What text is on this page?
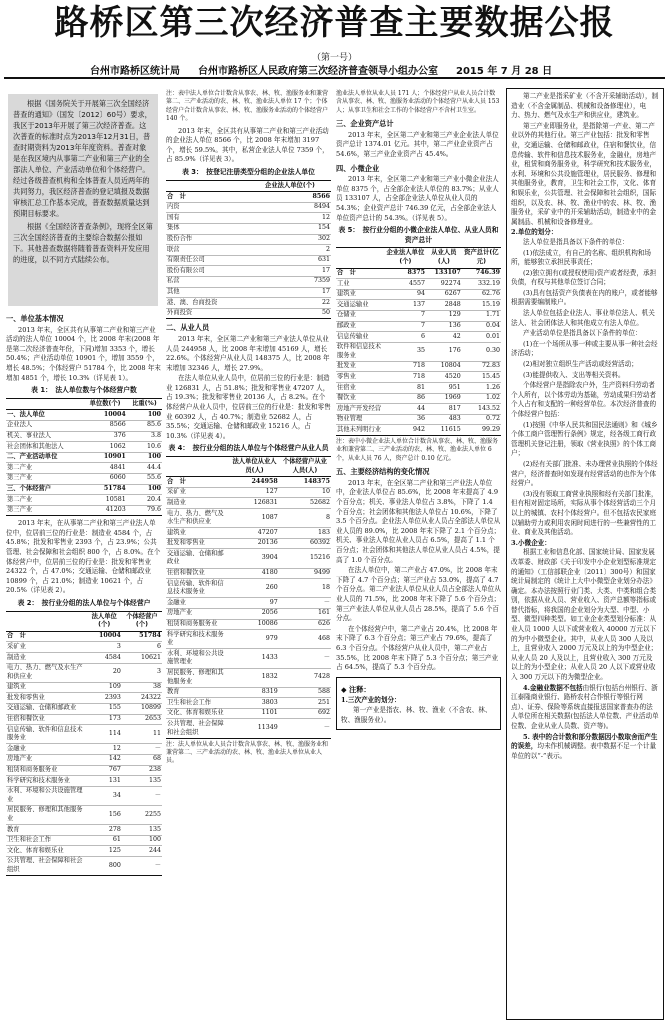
路桥区第三次经济普查主要数据公报
（第一号）
台州市路桥区统计局 台州市路桥区人民政府第三次经济普查领导小组办公室 2015 年 7 月 28 日

根据《国务院关于开展第三次全国经济普查的通知》（国发〔2012〕60号）要求，我区于2013年开展了第三次经济普查。这次普查的标准时点为2013年12月31日，普查时期资料为2013年年度资料。普查对象是在我区境内从事第二产业和第三产业的全部法人单位、产业活动单位和个体经营户。经过各级普查机构和全体普查人员近两年的共同努力，我区经济普查的登记填报及数据审核汇总工作基本完成，普查数据质量达到预期目标要求。

根据《全国经济普查条例》，现将全区第三次全国经济普查的主要综合数据公报如下。其他普查数据将随着普查资料开发应用的进度，以不同方式陆续公布。

一、单位基本情况

2013 年末，全区共有从事第二产业和第三产业活动的法人单位 10004 个，比 2008 年末(2008 年是第二次经济普查年份，下同)增加 3353 个，增长 50.4%；产业活动单位 10901 个，增加 3559 个，增长 48.5%；个体经营户 51784 个，比 2008 年末增加 4851 个，增长 10.3%（详见表 1）。

表 1：　法人单位数与个体经营户数
	单位数(个)	比重(%)
一、法人单位	10004	100
企业法人	8566	85.6
机关、事业法人	376	3.8
社会团体和其他法人	1062	10.6
二、产业活动单位	10901	100
第二产业	4841	44.4
第三产业	6060	55.6
三、个体经营户	51784	100
第二产业	10581	20.4
第三产业	41203	79.6

2013 年末，在从事第二产业和第三产业法人单位中，位居前三位的行业是：制造业 4584 个，占 45.8%；批发和零售业 2393 个，占 23.9%；公共管理、社会保障和社会组织 800 个，占 8.0%。在个体经营户中，位居前三位的行业是：批发和零售业 24322 个，占 47.0%；交通运输、仓储和邮政业 10899 个，占 21.0%；制造业 10621 个，占 20.5%（详见表 2）。

表 2：　按行业分组的法人单位与个体经营户
	法人单位(个)	个体经营户(个)
合　计	10004	51784
采矿业	3	6
制造业	4584	10621
电力、热力、燃气及水生产和供应业	20	3
建筑业	109	38
批发和零售业	2393	24322
交通运输、仓储和邮政业	155	10899
住宿和餐饮业	173	2653
信息传输、软件和信息技术服务业	114	11
金融业	12	－
房地产业	142	68
租赁和商务服务业	767	238
科学研究和技术服务业	131	135
水利、环境和公共设施管理业	34	－
居民服务、修理和其他服务业	156	2255
教育	278	135
卫生和社会工作	61	100
文化、体育和娱乐业	125	244
公共管理、社会保障和社会组织	800	－
注：表中法人单位合计数含从事农、林、牧、渔服务业和兼营第二、三产业活动的农、林、牧、渔业法人单位 17 个；个体经营户合计数含从事农、林、牧、渔服务业活动的个体经营户 140 个。

2013 年末，全区共有从事第二产业和第三产业活动的企业法人单位 8566 个，比 2008 年末增加 3197 个，增长 59.5%。其中，私营企业法人单位 7359 个，占 85.9%（详见表 3）。

表 3：　按登记注册类型分组的企业法人单位
	企业法人单位(个)
合　计	8566
内资	8494
国有	12
集体	154
股份合作	302
联营	2
有限责任公司	631
股份有限公司	17
私营	7359
其他	17
港、澳、台商投资	22
外商投资	50
二、从业人员

2013 年末，全区第二产业和第三产业法人单位从业人员 244958 人，比 2008 年末增加 45169 人，增长 22.6%。个体经营户从业人员 148375 人，比 2008 年末增加 32346 人，增长 27.9%。

在法人单位从业人员中，位居前三位的行业是：制造业 126831 人，占 51.8%；批发和零售业 47207 人，占 19.3%；批发和零售业 20136 人，占 8.2%。在个体经营户从业人员中，位居前三位的行业是：批发和零售业 60392 人，占 40.7%；制造业 52682 人，占 35.5%；交通运输、仓储和邮政业 15216 人，占 10.3%（详见表 4）。

表 4：　按行业分组的法人单位与个体经营户从业人员
	法人单位从业人员(人)	个体经营户从业人员(人)
合　计	244958	148375
采矿业	127	10
制造业	126831	52682
电力、热力、燃气及水生产和供应业	1087	8
建筑业	47207	183
批发和零售业	20136	60392
交通运输、仓储和邮政业	3904	15216
住宿和餐饮业	4180	9499
信息传输、软件和信息技术服务业	260	18
金融业	97	－
房地产业	2056	161
租赁和商务服务业	10086	626
科学研究和技术服务业	979	468
水利、环境和公共设施管理业	1433	－
居民服务、修理和其他服务业	1832	7428
教育	8319	588
卫生和社会工作	3803	251
文化、体育和娱乐业	1101	692
公共管理、社会保障和社会组织	11349	－
注：法人单位从业人员合计数含从事农、林、牧、渔服务业和兼营第二、三产业活动的农、林、牧、渔业法人单位从业人员。
渔业法人单位从业人员 171 人；个体经营户从业人员合计数含从事农、林、牧、渔服务业活动的个体经营户从业人员 153 人；从事卫生和社会工作的个体经营户不含村卫生室。
三、企业资产总计

2013 年末，全区第二产业和第三产业企业法人单位资产总计 1374.01 亿元。其中，第二产业企业资产占 54.6%，第三产业企业资产占 45.4%。

四、小微企业

2013 年末，全区第二产业和第三产业小微企业法人单位 8375 个，占全部企业法人单位的 83.7%；从业人员 133107 人，占全部企业法人单位从业人员的 54.3%；企业资产总计 746.39 亿元，占全部企业法人单位资产总计的 54.3%。（详见表 5）。

表 5：　按行业分组的小微企业法人单位、从业人员和资产总计
	企业法人单位(个)	从业人员(人)	资产总计(亿元)
合　计	8375	133107	746.39
工业	4557	92274	332.19
建筑业	94	6267	62.76
交通运输业	137	2848	15.19
仓储业	7	129	1.71
邮政业	7	136	0.04
信息传输业	6	42	0.01
软件和信息技术服务业	35	176	0.30
批发业	718	10804	72.83
零售业	718	4520	15.45
住宿业	81	951	1.26
餐饮业	86	1969	1.02
房地产开发经营	44	817	143.52
物业管理	36	483	0.72
其他未列明行业	942	11615	99.29
注：表中小微企业法人单位合计数含从事农、林、牧、渔服务业和兼营第二、三产业活动的农、林、牧、渔业法人单位 6 个，从业人员 76 人，资产总计 0.10 亿元。
五、主要经济结构的变化情况

2013 年末，在全区第二产业和第三产业法人单位中，企业法人单位占 85.6%，比 2008 年末提高了 4.9 个百分点；机关、事业法人单位占 3.8%，下降了 1.4 个百分点；社会团体和其他法人单位占 10.6%，下降了 3.5 个百分点。企业法人单位从业人员占全部法人单位从业人员的 89.0%，比 2008 年末下降了 2.1 个百分点；机关、事业法人单位从业人员占 6.5%，提高了 1.1 个百分点；社会团体和其他法人单位从业人员占 4.5%，提高了 1.0 个百分点。

在法人单位中，第二产业占 47.0%，比 2008 年末下降了 4.7 个百分点；第三产业占 53.0%，提高了 4.7 个百分点。第二产业法人单位从业人员占全部法人单位从业人员的 71.5%，比 2008 年末下降了 5.6 个百分点；第三产业法人单位从业人员占 28.5%，提高了 5.6 个百分点。

在个体经营户中，第二产业占 20.4%，比 2008 年末下降了 6.3 个百分点；第三产业占 79.6%，提高了 6.3 个百分点。个体经营户从业人员中，第二产业占 35.5%，比 2008 年末下降了 5.3 个百分点；第三产业占 64.5%，提高了 5.3 个百分点。

◆ 注释：
1.三次产业的划分：

第一产业是指农、林、牧、渔业（不含农、林、牧、渔服务业）。

第二产业是指采矿业（不含开采辅助活动），制造业（不含金属制品、机械和设备修理业），电力、热力、燃气及水生产和供应业，建筑业。

第三产业即服务业，是指除第一产业、第二产业以外的其他行业。第三产业包括：批发和零售业，交通运输、仓储和邮政业，住宿和餐饮业，信息传输、软件和信息技术服务业，金融业，房地产业，租赁和商务服务业，科学研究和技术服务业，水利、环境和公共设施管理业，居民服务、修理和其他服务业，教育，卫生和社会工作，文化、体育和娱乐业，公共管理、社会保障和社会组织，国际组织，以及农、林、牧、渔业中的农、林、牧、渔服务业，采矿业中的开采辅助活动，制造业中的金属制品、机械和设备修理业。

2.单位的划分：

法人单位是指具备以下条件的单位：

(1)依法成立，有自己的名称、组织机构和场所，能够独立承担民事责任；

(2)独立拥有(或授权使用)资产或者经费，承担负债，有权与其他单位签订合同；

(3)具有包括资产负债表在内的账户，或者能够根据需要编制账户。

法人单位包括企业法人、事业单位法人、机关法人、社会团体法人和其他成立有法人单位。

产业活动单位是指具备以下条件的单位：

(1)在一个场所从事一种或主要从事一种社会经济活动；

(2)相对独立组织生产活动或经营活动；

(3)能提供收入、支出等相关资料。

个体经营户是指除农户外，生产资料归劳动者个人所有，以个体劳动为基础，劳动成果归劳动者个人占有和支配的一种经营单位。本次经济普查的个体经营户包括：

(1)按照《中华人民共和国民法通则》和《城乡个体工商户管理暂行条例》规定，经各级工商行政管理机关登记注册，领取《营业执照》的个体工商户；

(2)经有关部门批准、未办理营业执照的个体经营户，经济普查时如发现有经营活动的也作为个体经营户。

(3)没有领取工商营业执照和经有关部门批准，但有相对固定场所，实际从事个体经营活动三个月以上的城镇、农村个体经营户。但不包括农民家庭以辅助劳力或利用农闲时间进行的一些兼营性的工业、商业及其他活动。

3.小微企业：

根据工业和信息化部、国家统计局、国家发展改革委、财政部《关于印发中小企业划型标准规定的通知》（工信部联企业〔2011〕300号）和国家统计局制定的《统计上大中小微型企业划分办法》确定。本办法按照行业门类、大类、中类和组合类别，依据从业人员、营业收入、资产总额等指标或替代指标，将我国的企业划分为大型、中型、小型、微型四种类型。如工业企业类型划分标准：从业人员 1000 人以下或营业收入 40000 万元以下的为中小微型企业。其中，从业人员 300 人及以上，且营业收入 2000 万元及以上的为中型企业；从业人员 20 人及以上，且营业收入 300 万元及以上的为小型企业；从业人员 20 人以下或营业收入 300 万元以下的为微型企业。

4.金融业数据不包括由银行(包括台州银行、浙江泰隆商业银行、路桥农村合作银行等银行网点）、证券、保险等系统直接报送国家普查办的法人单位所在相关数据(包括法人单位数、产业活动单位数、企业从业人员数、资产等)。

5. 表中的合计数和部分数据因小数取舍而产生的误差，均未作机械调整。表中数据不足一个计量单位的以“-”表示。
